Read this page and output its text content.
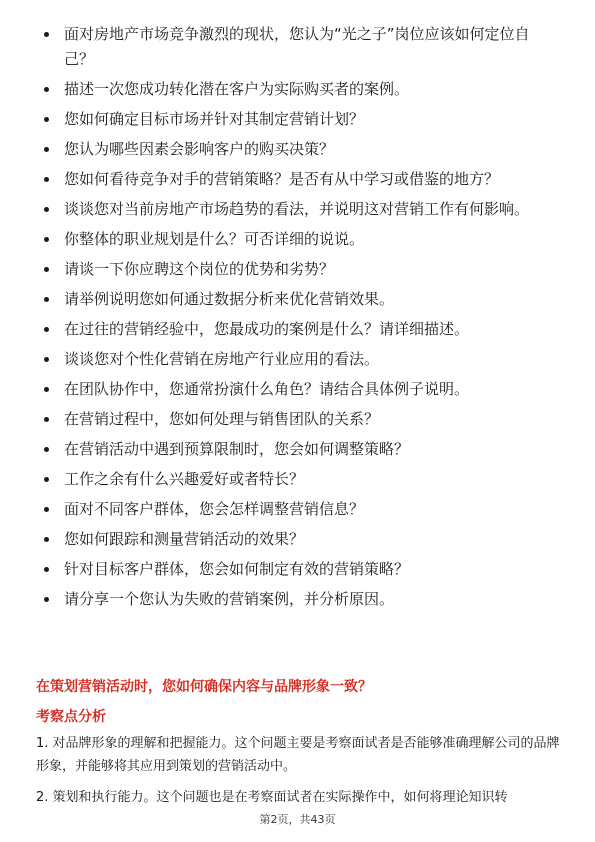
面对房地产市场竞争激烈的现状，您认为“光之子”岗位应该如何定位自己？
描述一次您成功转化潜在客户为实际购买者的案例。
您如何确定目标市场并针对其制定营销计划？
您认为哪些因素会影响客户的购买决策？
您如何看待竞争对手的营销策略？是否有从中学习或借鉴的地方？
谈谈您对当前房地产市场趋势的看法，并说明这对营销工作有何影响。
你整体的职业规划是什么？可否详细的说说。
请谈一下你应聘这个岗位的优势和劣势？
请举例说明您如何通过数据分析来优化营销效果。
在过往的营销经验中，您最成功的案例是什么？请详细描述。
谈谈您对个性化营销在房地产行业应用的看法。
在团队协作中，您通常扮演什么角色？请结合具体例子说明。
在营销过程中，您如何处理与销售团队的关系？
在营销活动中遇到预算限制时，您会如何调整策略？
工作之余有什么兴趣爱好或者特长？
面对不同客户群体，您会怎样调整营销信息？
您如何跟踪和测量营销活动的效果？
针对目标客户群体，您会如何制定有效的营销策略？
请分享一个您认为失败的营销案例，并分析原因。
在策划营销活动时，您如何确保内容与品牌形象一致？
考察点分析

1. 对品牌形象的理解和把握能力。这个问题主要是考察面试者是否能够准确理解公司的品牌形象，并能够将其应用到策划的营销活动中。

2. 策划和执行能力。这个问题也是在考察面试者在实际操作中，如何将理论知识转

第2页，共43页
